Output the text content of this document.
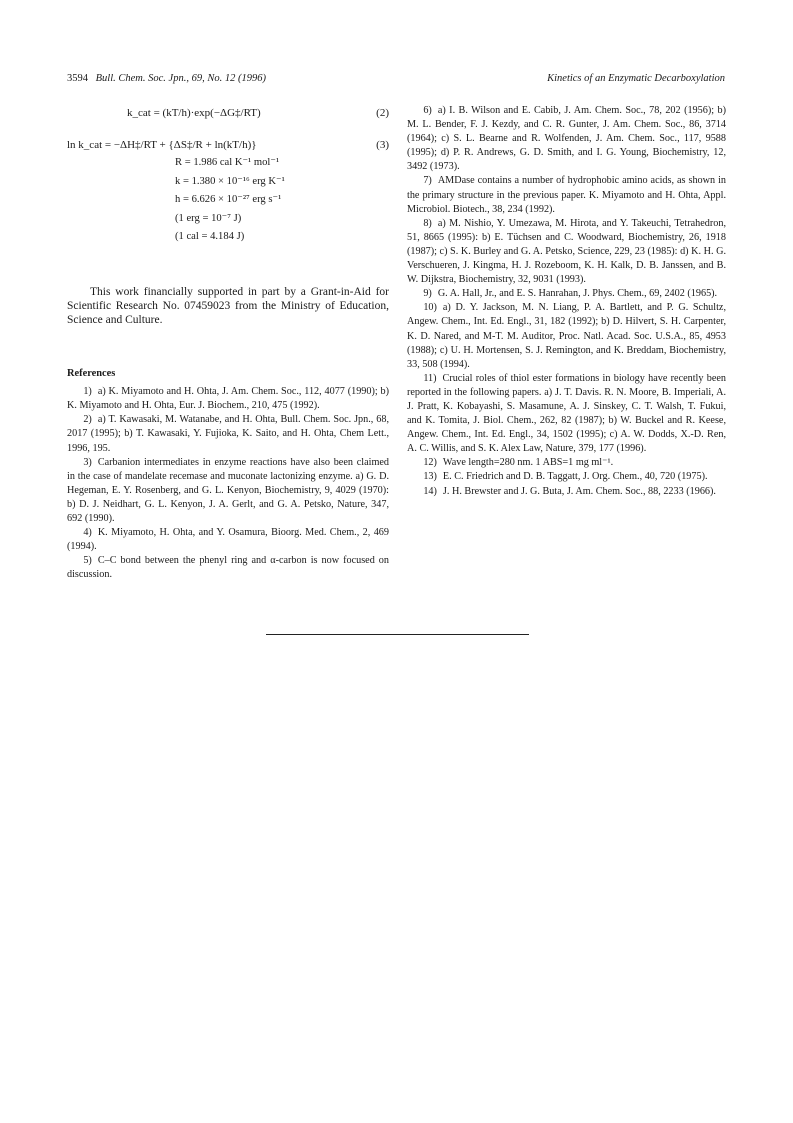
3594 Bull. Chem. Soc. Jpn., 69, No. 12 (1996)	Kinetics of an Enzymatic Decarboxylation
k_cat = (kT/h)·exp(−ΔG‡/RT)	(2)
ln k_cat = −ΔH‡/RT + {ΔS‡/R + ln(kT/h)}	(3)
R = 1.986 cal K⁻¹ mol⁻¹
k = 1.380 × 10⁻¹⁶ erg K⁻¹
h = 6.626 × 10⁻²⁷ erg s⁻¹
(1 erg = 10⁻⁷ J)
(1 cal = 4.184 J)

This work financially supported in part by a Grant-in-Aid for Scientific Research No. 07459023 from the Ministry of Education, Science and Culture.

References

1) a) K. Miyamoto and H. Ohta, J. Am. Chem. Soc., 112, 4077 (1990); b) K. Miyamoto and H. Ohta, Eur. J. Biochem., 210, 475 (1992).

2) a) T. Kawasaki, M. Watanabe, and H. Ohta, Bull. Chem. Soc. Jpn., 68, 2017 (1995); b) T. Kawasaki, Y. Fujioka, K. Saito, and H. Ohta, Chem Lett., 1996, 195.

3) Carbanion intermediates in enzyme reactions have also been claimed in the case of mandelate recemase and muconate lactonizing enzyme. a) G. D. Hegeman, E. Y. Rosenberg, and G. L. Kenyon, Biochemistry, 9, 4029 (1970): b) D. J. Neidhart, G. L. Kenyon, J. A. Gerlt, and G. A. Petsko, Nature, 347, 692 (1990).

4) K. Miyamoto, H. Ohta, and Y. Osamura, Bioorg. Med. Chem., 2, 469 (1994).

5) C–C bond between the phenyl ring and α-carbon is now focused on discussion.

6) a) I. B. Wilson and E. Cabib, J. Am. Chem. Soc., 78, 202 (1956); b) M. L. Bender, F. J. Kezdy, and C. R. Gunter, J. Am. Chem. Soc., 86, 3714 (1964); c) S. L. Bearne and R. Wolfenden, J. Am. Chem. Soc., 117, 9588 (1995); d) P. R. Andrews, G. D. Smith, and I. G. Young, Biochemistry, 12, 3492 (1973).

7) AMDase contains a number of hydrophobic amino acids, as shown in the primary structure in the previous paper. K. Miyamoto and H. Ohta, Appl. Microbiol. Biotech., 38, 234 (1992).

8) a) M. Nishio, Y. Umezawa, M. Hirota, and Y. Takeuchi, Tetrahedron, 51, 8665 (1995): b) E. Tüchsen and C. Woodward, Biochemistry, 26, 1918 (1987); c) S. K. Burley and G. A. Petsko, Science, 229, 23 (1985): d) K. H. G. Verschueren, J. Kingma, H. J. Rozeboom, K. H. Kalk, D. B. Janssen, and B. W. Dijkstra, Biochemistry, 32, 9031 (1993).

9) G. A. Hall, Jr., and E. S. Hanrahan, J. Phys. Chem., 69, 2402 (1965).

10) a) D. Y. Jackson, M. N. Liang, P. A. Bartlett, and P. G. Schultz, Angew. Chem., Int. Ed. Engl., 31, 182 (1992); b) D. Hilvert, S. H. Carpenter, K. D. Nared, and M-T. M. Auditor, Proc. Natl. Acad. Soc. U.S.A., 85, 4953 (1988); c) U. H. Mortensen, S. J. Remington, and K. Breddam, Biochemistry, 33, 508 (1994).

11) Crucial roles of thiol ester formations in biology have recently been reported in the following papers. a) J. T. Davis. R. N. Moore, B. Imperiali, A. J. Pratt, K. Kobayashi, S. Masamune, A. J. Sinskey, C. T. Walsh, T. Fukui, and K. Tomita, J. Biol. Chem., 262, 82 (1987); b) W. Buckel and R. Keese, Angew. Chem., Int. Ed. Engl., 34, 1502 (1995); c) A. W. Dodds, X.-D. Ren, A. C. Willis, and S. K. Alex Law, Nature, 379, 177 (1996).

12) Wave length=280 nm. 1 ABS=1 mg ml⁻¹.

13) E. C. Friedrich and D. B. Taggatt, J. Org. Chem., 40, 720 (1975).

14) J. H. Brewster and J. G. Buta, J. Am. Chem. Soc., 88, 2233 (1966).
